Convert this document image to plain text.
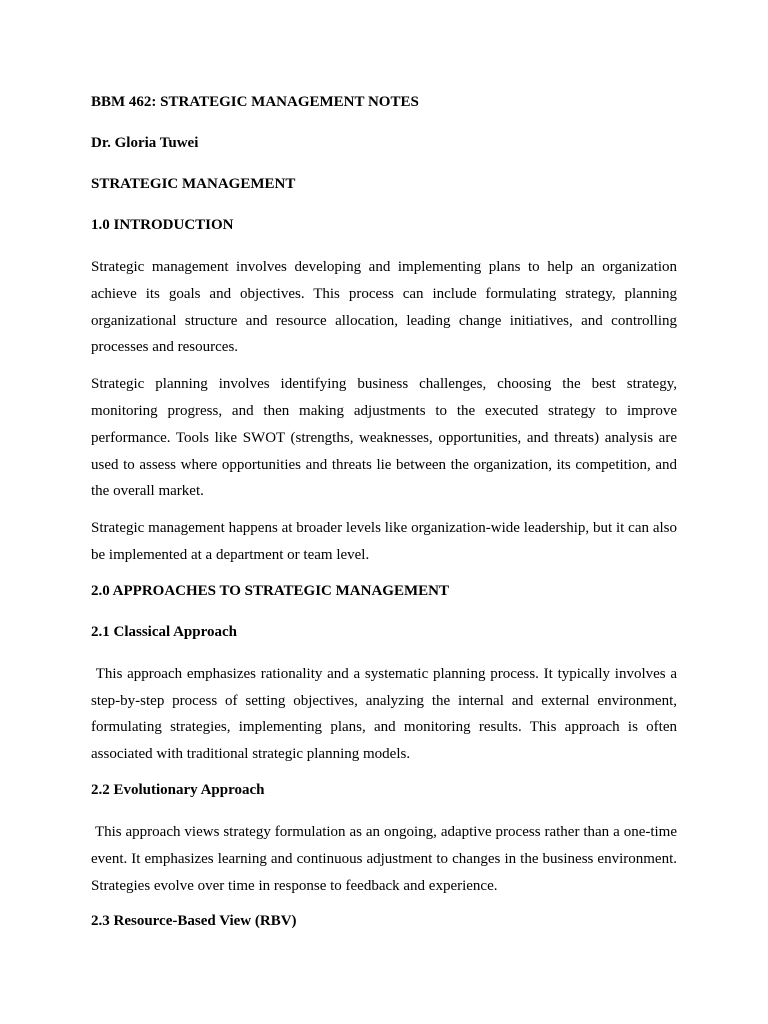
BBM 462: STRATEGIC MANAGEMENT NOTES
Dr. Gloria Tuwei
STRATEGIC MANAGEMENT
1.0 INTRODUCTION

Strategic management involves developing and implementing plans to help an organization achieve its goals and objectives. This process can include formulating strategy, planning organizational structure and resource allocation, leading change initiatives, and controlling processes and resources.

Strategic planning involves identifying business challenges, choosing the best strategy, monitoring progress, and then making adjustments to the executed strategy to improve performance. Tools like SWOT (strengths, weaknesses, opportunities, and threats) analysis are used to assess where opportunities and threats lie between the organization, its competition, and the overall market.

Strategic management happens at broader levels like organization-wide leadership, but it can also be implemented at a department or team level.

2.0 APPROACHES TO STRATEGIC MANAGEMENT
2.1 Classical Approach

This approach emphasizes rationality and a systematic planning process. It typically involves a step-by-step process of setting objectives, analyzing the internal and external environment, formulating strategies, implementing plans, and monitoring results. This approach is often associated with traditional strategic planning models.

2.2 Evolutionary Approach

This approach views strategy formulation as an ongoing, adaptive process rather than a one-time event. It emphasizes learning and continuous adjustment to changes in the business environment. Strategies evolve over time in response to feedback and experience.

2.3 Resource-Based View (RBV)
